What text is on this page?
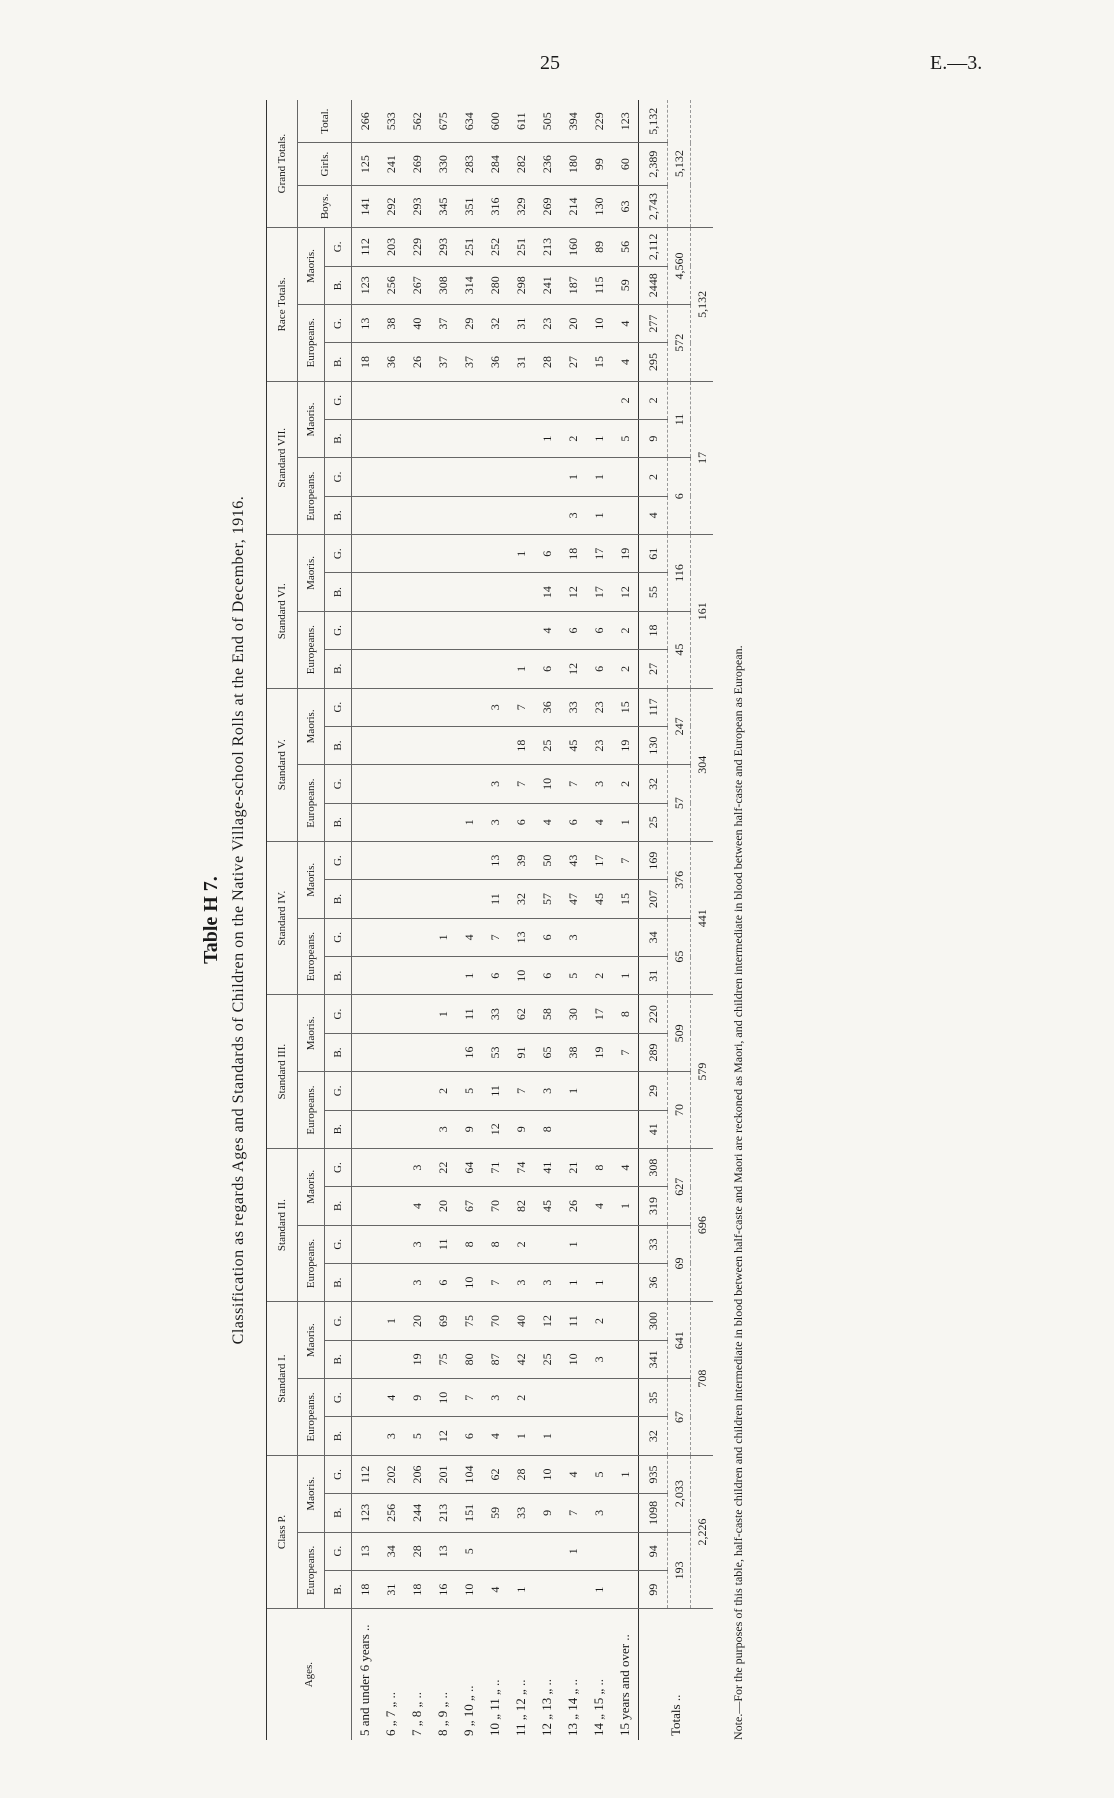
25	E.—3.
Table H 7. Classification as regards Ages and Standards of Children on the Native Village-school Rolls at the End of December, 1916.
Ages.	Class P.				Standard I.				Standard II.				Standard III.				Standard IV.				Standard V.				Standard VI.				Standard VII.				Race Totals.				Grand Totals.		
	Europeans.		Maoris.		Europeans.		Maoris.		Europeans.		Maoris.		Europeans.		Maoris.		Europeans.		Maoris.		Europeans.		Maoris.		Europeans.		Maoris.		Europeans.		Maoris.		Europeans.		Maoris.		Boys.	Girls.	Total.
	B.	G.	B.	G.	B.	G.	B.	G.	B.	G.	B.	G.	B.	G.	B.	G.	B.	G.	B.	G.	B.	G.	B.	G.	B.	G.	B.	G.	B.	G.	B.	G.	B.	G.	B.	G.			
5 and under 6 years ..	18	13	123	112																													18	13	123	112	141	125	266
6 „ 7 „ ..	31	34	256	202	3	4		1																									36	38	256	203	292	241	533
7 „ 8 „ ..	18	28	244	206	5	9	19	20	3	3	4	3																					26	40	267	229	293	269	562
8 „ 9 „ ..	16	13	213	201	12	10	75	69	6	11	20	22	3	2		1		1															37	37	308	293	345	330	675
9 „ 10 „ ..	10	5	151	104	6	7	80	75	10	8	67	64	9	5	16	11	1	4			1												37	29	314	251	351	283	634
10 „ 11 „ ..	4		59	62	4	3	87	70	7	8	70	71	12	11	53	33	6	7	11	13	3	3		3									36	32	280	252	316	284	600
11 „ 12 „ ..	1		33	28	1	2	42	40	3	2	82	74	9	7	91	62	10	13	32	39	6	7	18	7	1			1					31	31	298	251	329	282	611
12 „ 13 „ ..			9	10	1		25	12	3		45	41	8	3	65	58	6	6	57	50	4	10	25	36	6	4	14	6			1		28	23	241	213	269	236	505
13 „ 14 „ ..		1	7	4			10	11	1	1	26	21		1	38	30	5	3	47	43	6	7	45	33	12	6	12	18	3	1	2		27	20	187	160	214	180	394
14 „ 15 „ ..	1		3	5			3	2	1		4	8			19	17	2		45	17	4	3	23	23	6	6	17	17	1	1	1		15	10	115	89	130	99	229
15 years and over ..				1							1	4			7	8	1		15	7	1	2	19	15	2	2	12	19			5	2	4	4	59	56	63	60	123
Totals ..	99	94	1098	935	32	35	341	300	36	33	319	308	41	29	289	220	31	34	207	169	25	32	130	117	27	18	55	61	4	2	9	2	295	277	2448	2,112	2,743	2,389	5,132
	193		2,033		67		641		69		627		70		509		65		376		57		247		45		116		6		11		572		4,560		5,132		
	2,226				708				696				579				441				304				161				17				5,132						
Note.—For the purposes of this table, half-caste children and children intermediate in blood between half-caste and Maori are reckoned as Maori, and children intermediate in blood between half-caste and European as European.
